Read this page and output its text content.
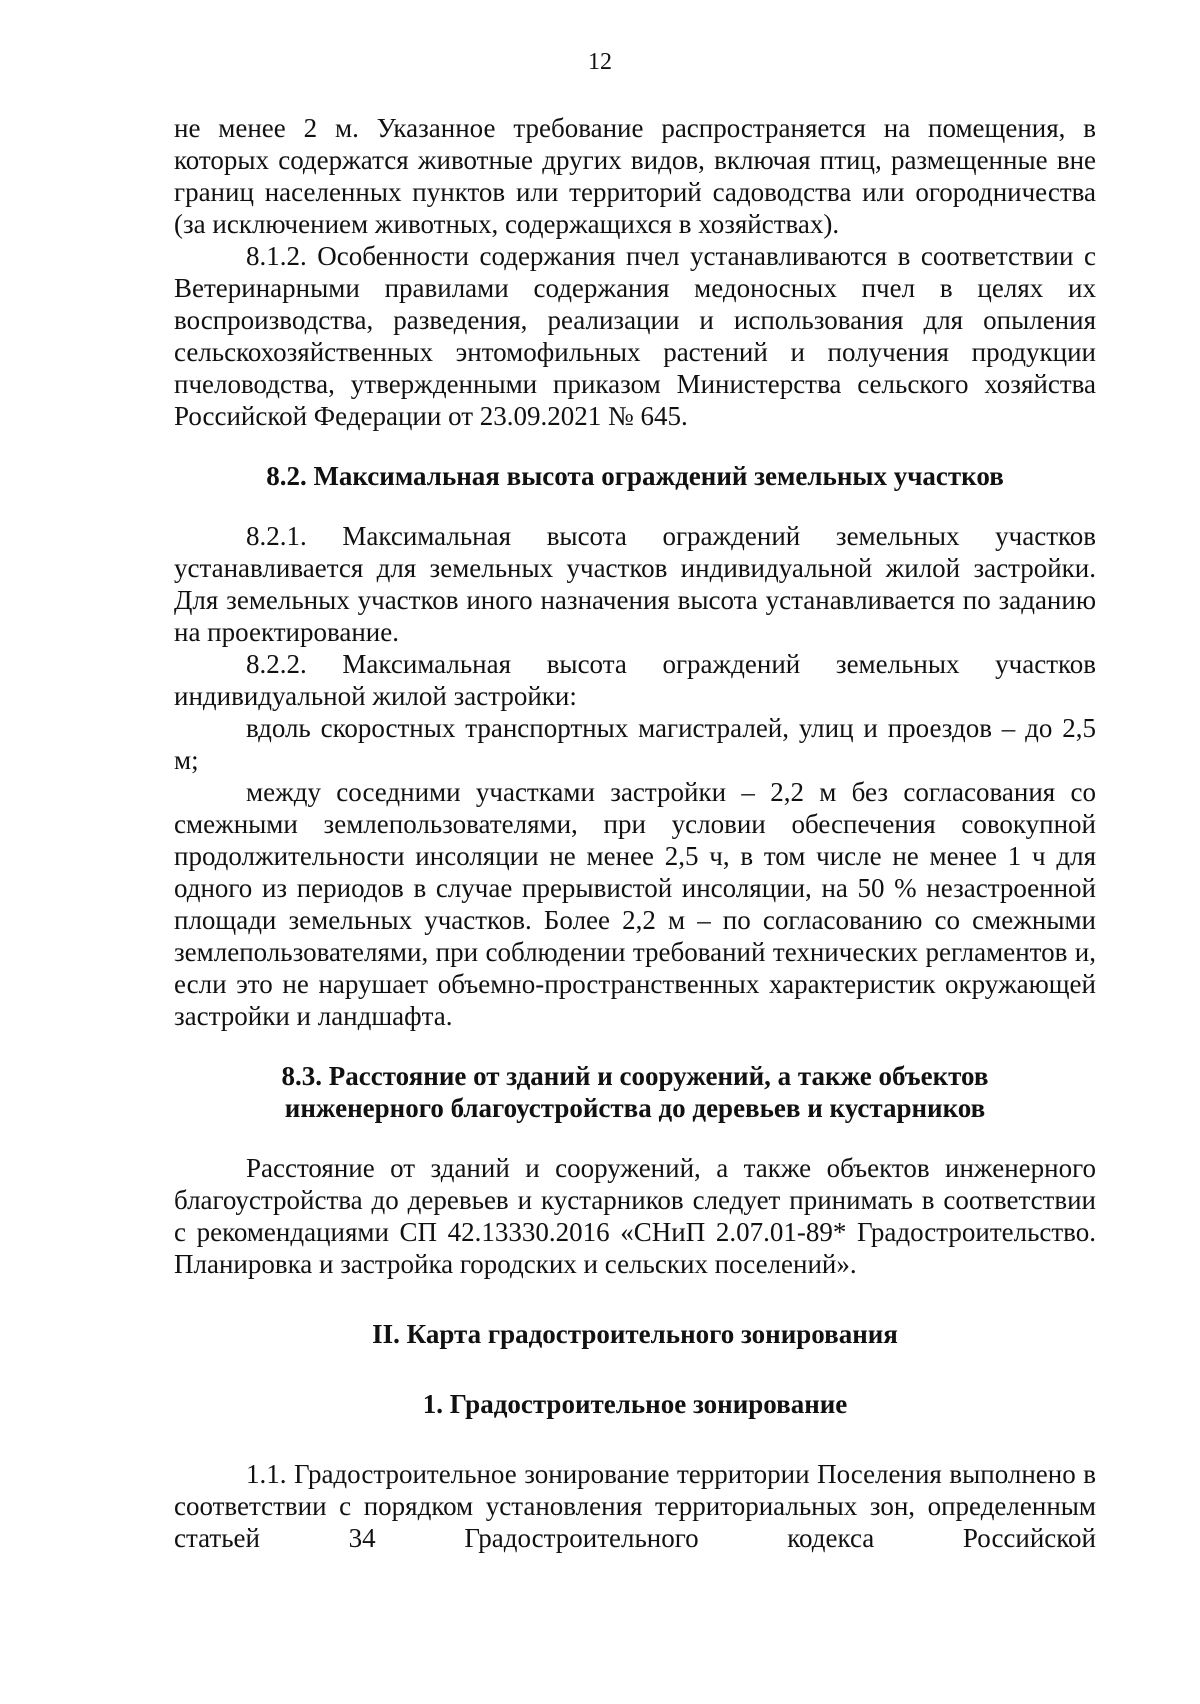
12

не менее 2 м. Указанное требование распространяется на помещения, в которых содержатся животные других видов, включая птиц, размещенные вне границ населенных пунктов или территорий садоводства или огородничества (за исключением животных, содержащихся в хозяйствах).

8.1.2. Особенности содержания пчел устанавливаются в соответствии с Ветеринарными правилами содержания медоносных пчел в целях их воспроизводства, разведения, реализации и использования для опыления сельскохозяйственных энтомофильных растений и получения продукции пчеловодства, утвержденными приказом Министерства сельского хозяйства Российской Федерации от 23.09.2021 № 645.

8.2. Максимальная высота ограждений земельных участков

8.2.1. Максимальная высота ограждений земельных участков устанавливается для земельных участков индивидуальной жилой застройки. Для земельных участков иного назначения высота устанавливается по заданию на проектирование.

8.2.2. Максимальная высота ограждений земельных участков индивидуальной жилой застройки:

вдоль скоростных транспортных магистралей, улиц и проездов – до 2,5 м;

между соседними участками застройки – 2,2 м без согласования со смежными землепользователями, при условии обеспечения совокупной продолжительности инсоляции не менее 2,5 ч, в том числе не менее 1 ч для одного из периодов в случае прерывистой инсоляции, на 50 % незастроенной площади земельных участков. Более 2,2 м – по согласованию со смежными землепользователями, при соблюдении требований технических регламентов и, если это не нарушает объемно-пространственных характеристик окружающей застройки и ландшафта.

8.3. Расстояние от зданий и сооружений, а также объектов
инженерного благоустройства до деревьев и кустарников

Расстояние от зданий и сооружений, а также объектов инженерного благоустройства до деревьев и кустарников следует принимать в соответствии с рекомендациями СП 42.13330.2016 «СНиП 2.07.01-89* Градостроительство. Планировка и застройка городских и сельских поселений».

II. Карта градостроительного зонирования
1. Градостроительное зонирование

1.1. Градостроительное зонирование территории Поселения выполнено в соответствии с порядком установления территориальных зон, определенным статьей 34 Градостроительного кодекса Российской
